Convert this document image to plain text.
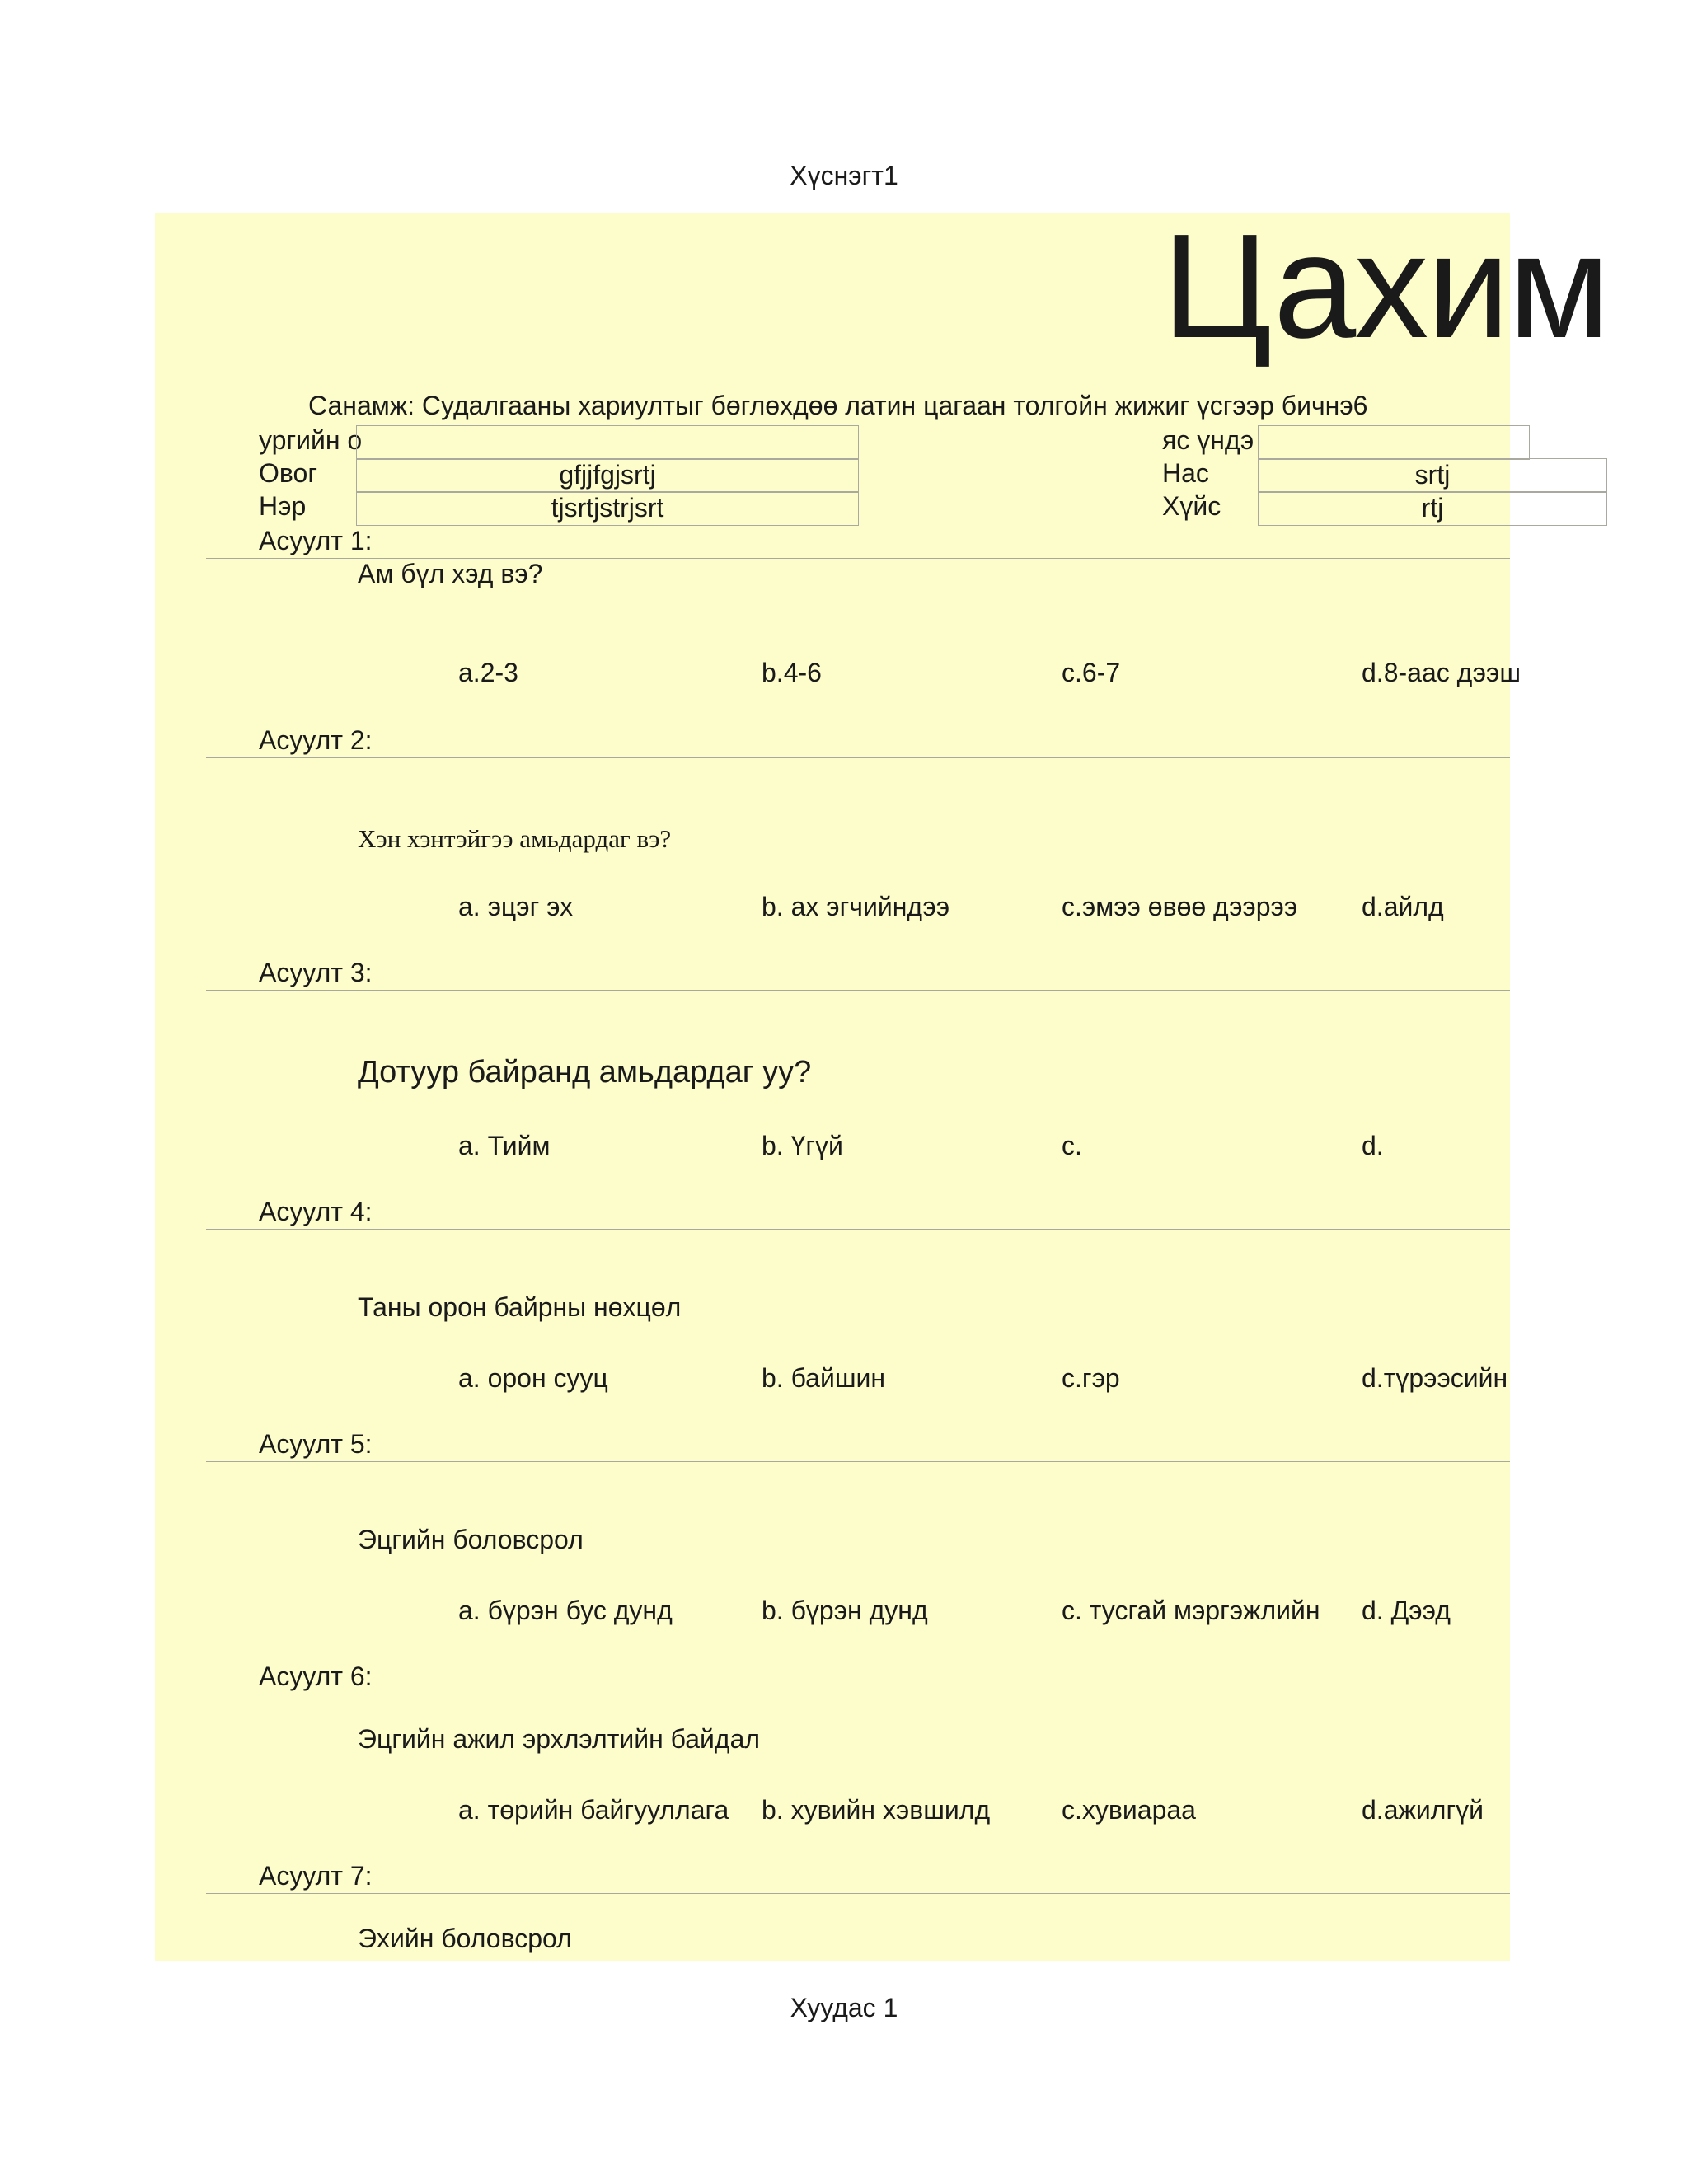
Хүснэгт1
Цахим
Санамж: Судалгааны хариултыг бөглөхдөө латин цагаан толгойн жижиг үсгээр бичнэ6
ургийн о
Овог	gfjjfgjsrtj
Нэр	tjsrtjstrjsrt
яс үндэ
Нас	srtj
Хүйс	rtj
Асуулт 1:
Ам бүл хэд вэ?
a.2-3	b.4-6	c.6-7	d.8-аас дээш
Асуулт 2:
Хэн хэнтэйгээ амьдардаг вэ?
a. эцэг эх	b. ах эгчийндээ	c.эмээ өвөө дээрээ d.айлд
Асуулт 3:
Дотуур байранд амьдардаг уу?
a. Тийм	b. Үгүй	c.	d.
Асуулт 4:
Таны орон байрны нөхцөл
a. орон сууц	b. байшин	c.гэр	d.түрээсийн
Асуулт 5:
Эцгийн боловсрол
a. бүрэн бус дунд	b. бүрэн дунд	c. тусгай мэргэжлийн d. Дээд
Асуулт 6:
Эцгийн ажил эрхлэлтийн байдал
a. төрийн байгууллага b. хувийн хэвшилд	c.хувиараа	d.ажилгүй
Асуулт 7:
Эхийн боловсрол
Хуудас 1
